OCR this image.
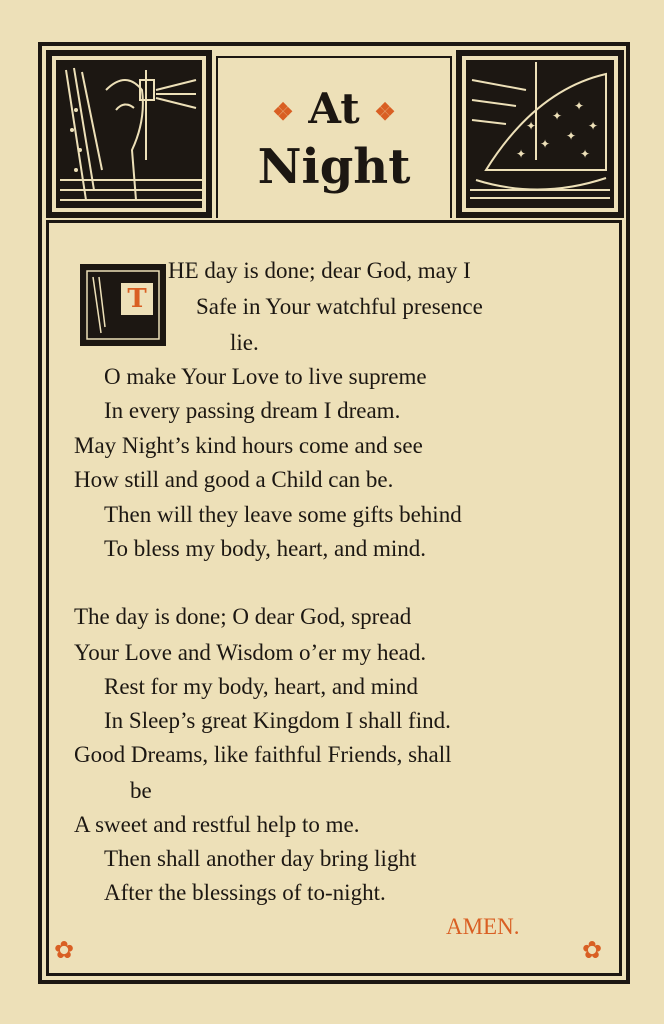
✦
✦
✦
✦
✦
✦
✦	✦
❖ At ❖
Night
T
HE day is done; dear God, may I
Safe in Your watchful presence
lie.
O make Your Love to live supreme
In every passing dream I dream.
May Night’s kind hours come and see
How still and good a Child can be.
Then will they leave some gifts behind
To bless my body, heart, and mind.
The day is done; O dear God, spread
Your Love and Wisdom o’er my head.
Rest for my body, heart, and mind
In Sleep’s great Kingdom I shall find.
Good Dreams, like faithful Friends, shall
be
A sweet and restful help to me.
Then shall another day bring light
After the blessings of to-night.
AMEN.
✿	✿
